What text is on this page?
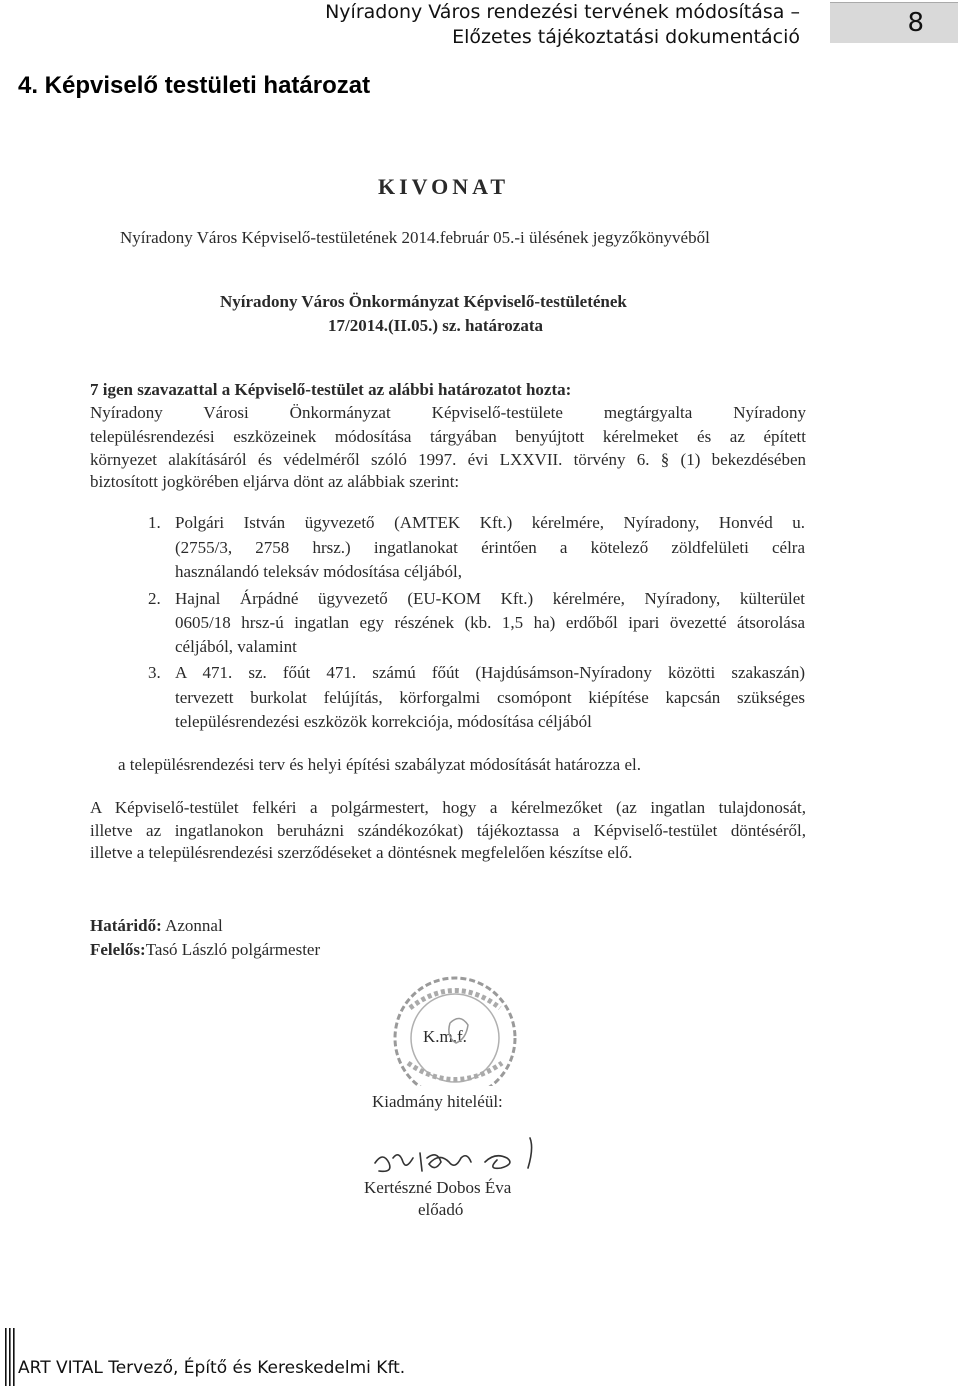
Nyíradony Város rendezési tervének módosítása –
Előzetes tájékoztatási dokumentáció	8
4. Képviselő testületi határozat
KIVONAT
Nyíradony Város Képviselő-testületének 2014.február 05.-i ülésének jegyzőkönyvéből
Nyíradony Város Önkormányzat Képviselő-testületének
17/2014.(II.05.) sz. határozata
7 igen szavazattal a Képviselő-testület az alábbi határozatot hozta:
Nyíradony Városi Önkormányzat Képviselő-testülete megtárgyalta Nyíradony
településrendezési eszközeinek módosítása tárgyában benyújtott kérelmeket és az épített
környezet alakításáról és védelméről szóló 1997. évi LXXVII. törvény 6. § (1) bekezdésében
biztosított jogkörében eljárva dönt az alábbiak szerint:
1. Polgári István ügyvezető (AMTEK Kft.) kérelmére, Nyíradony, Honvéd u.
(2755/3, 2758 hrsz.) ingatlanokat érintően a kötelező zöldfelületi célra
használandó teleksáv módosítása céljából,
2. Hajnal Árpádné ügyvezető (EU-KOM Kft.) kérelmére, Nyíradony, külterület
0605/18 hrsz-ú ingatlan egy részének (kb. 1,5 ha) erdőből ipari övezetté átsorolása
céljából, valamint
3. A 471. sz. főút 471. számú főút (Hajdúsámson-Nyíradony közötti szakaszán)
tervezett burkolat felújítás, körforgalmi csomópont kiépítése kapcsán szükséges
településrendezési eszközök korrekciója, módosítása céljából
a településrendezési terv és helyi építési szabályzat módosítását határozza el.
A Képviselő-testület felkéri a polgármestert, hogy a kérelmezőket (az ingatlan tulajdonosát,
illetve az ingatlanokon beruházni szándékozókat) tájékoztassa a Képviselő-testület döntéséről,
illetve a településrendezési szerződéseket a döntésnek megfelelően készítse elő.
Határidő: Azonnal
Felelős:Tasó László polgármester
Kiadmány hiteléül:
Kertészné Dobos Éva
előadó
K.m.f.
ART VITAL Tervező, Építő és Kereskedelmi Kft.
